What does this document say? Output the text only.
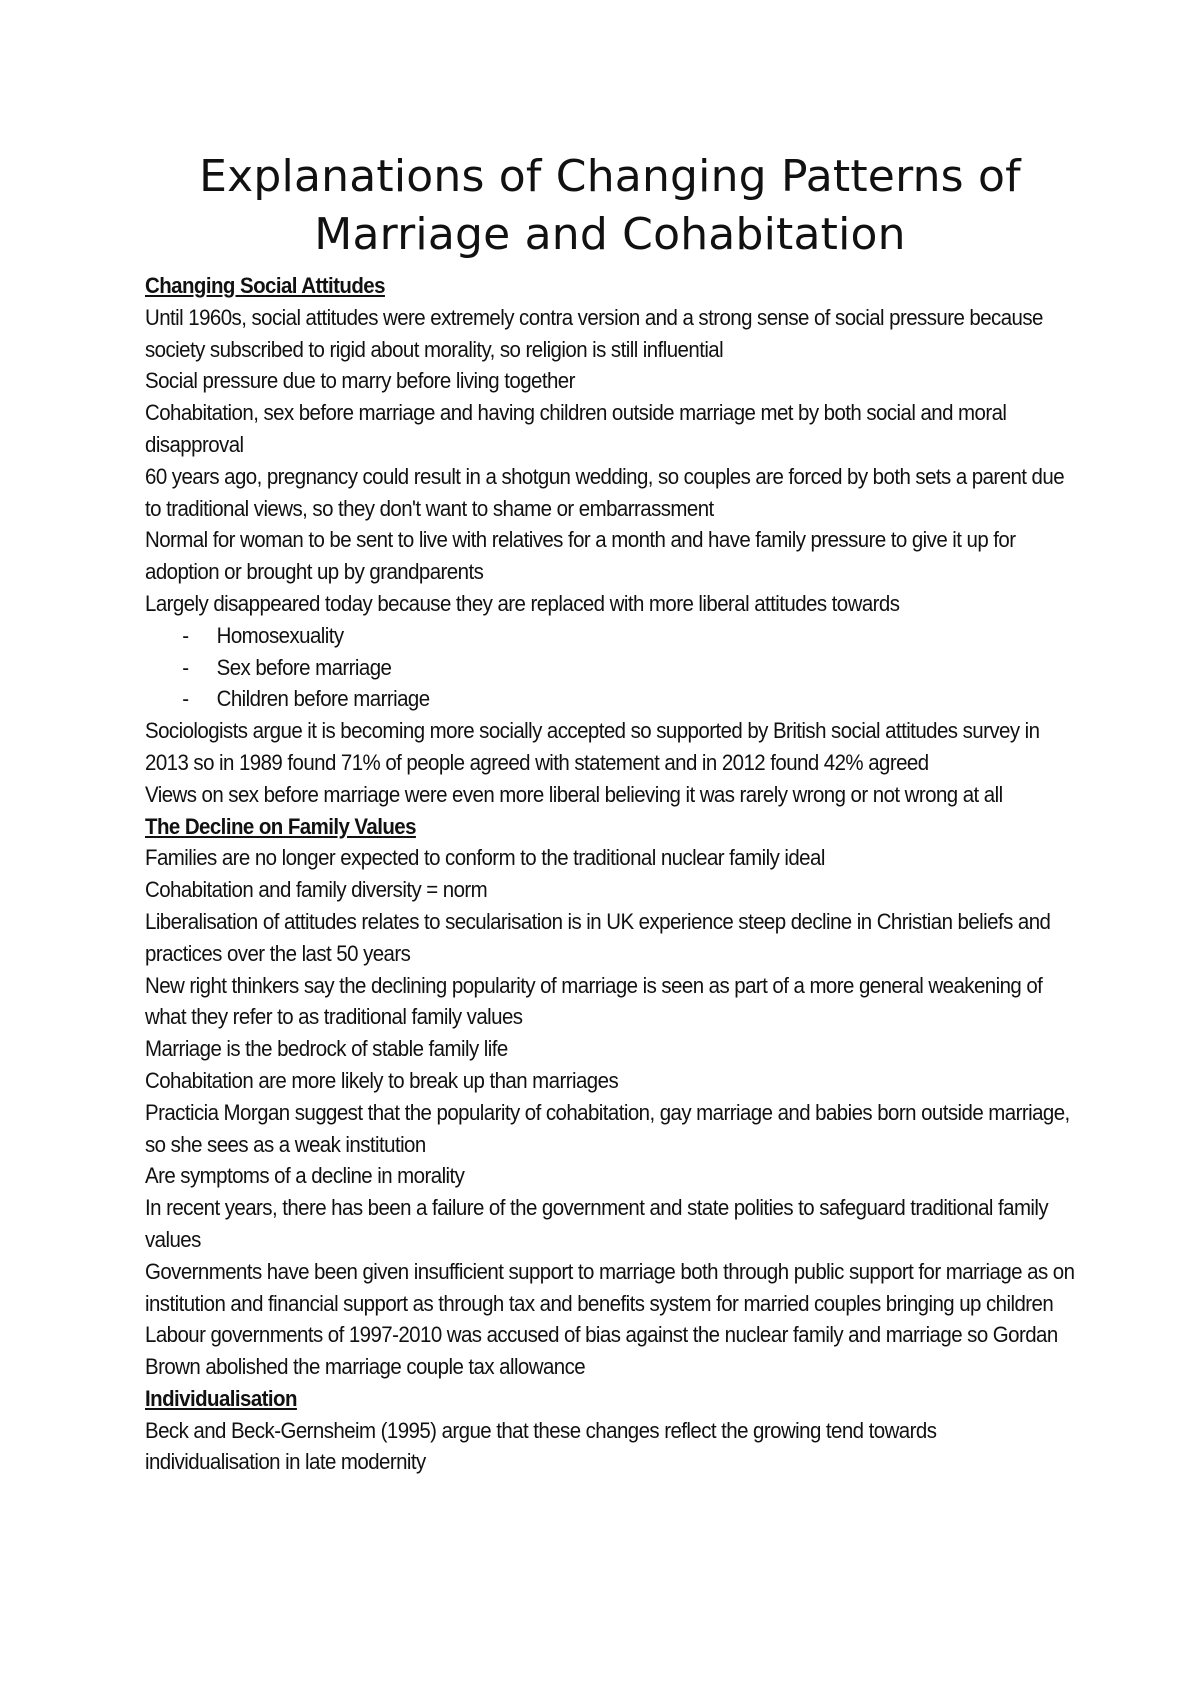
Explanations of Changing Patterns of
Marriage and Cohabitation

Changing Social Attitudes

Until 1960s, social attitudes were extremely contra version and a strong sense of social pressure because society subscribed to rigid about morality, so religion is still influential

Social pressure due to marry before living together

Cohabitation, sex before marriage and having children outside marriage met by both social and moral disapproval

60 years ago, pregnancy could result in a shotgun wedding, so couples are forced by both sets a parent due to traditional views, so they don't want to shame or embarrassment

Normal for woman to be sent to live with relatives for a month and have family pressure to give it up for adoption or brought up by grandparents

Largely disappeared today because they are replaced with more liberal attitudes towards

- Homosexuality
- Sex before marriage
- Children before marriage

Sociologists argue it is becoming more socially accepted so supported by British social attitudes survey in 2013 so in 1989 found 71% of people agreed with statement and in 2012 found 42% agreed

Views on sex before marriage were even more liberal believing it was rarely wrong or not wrong at all

The Decline on Family Values

Families are no longer expected to conform to the traditional nuclear family ideal

Cohabitation and family diversity = norm

Liberalisation of attitudes relates to secularisation is in UK experience steep decline in Christian beliefs and practices over the last 50 years

New right thinkers say the declining popularity of marriage is seen as part of a more general weakening of what they refer to as traditional family values

Marriage is the bedrock of stable family life

Cohabitation are more likely to break up than marriages

Practicia Morgan suggest that the popularity of cohabitation, gay marriage and babies born outside marriage, so she sees as a weak institution

Are symptoms of a decline in morality

In recent years, there has been a failure of the government and state polities to safeguard traditional family values

Governments have been given insufficient support to marriage both through public support for marriage as on institution and financial support as through tax and benefits system for married couples bringing up children

Labour governments of 1997-2010 was accused of bias against the nuclear family and marriage so Gordan Brown abolished the marriage couple tax allowance

Individualisation

Beck and Beck-Gernsheim (1995) argue that these changes reflect the growing tend towards individualisation in late modernity
